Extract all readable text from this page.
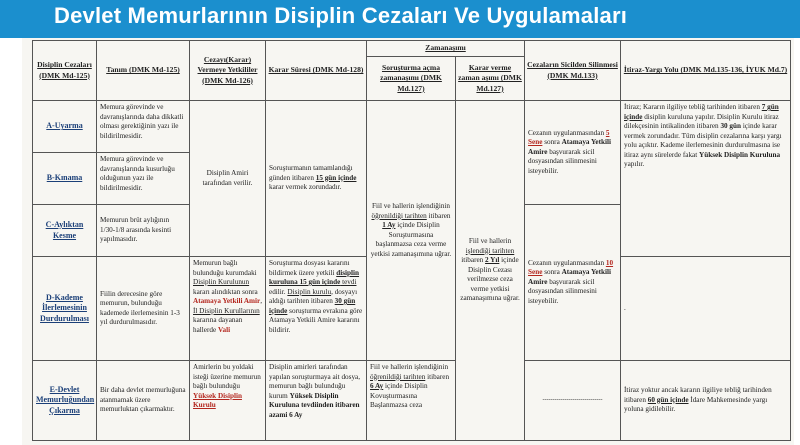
Devlet Memurlarının Disiplin Cezaları Ve Uygulamaları
Disiplin Cezaları (DMK Md-125)	Tanım (DMK Md-125)	Cezayı(Karar) Vermeye Yetkililer (DMK Md-126)	Karar Süresi (DMK Md-128)	Zamanaşımı		Cezaların Sicilden Silinmesi (DMK Md.133)	İtiraz-Yargı Yolu (DMK Md.135-136, İYUK Md.7)
				Soruşturma açma zamanaşımı (DMK Md.127)	Karar verme zaman aşımı (DMK Md.127)		
A-Uyarma	Memura görevinde ve davranışlarında daha dikkatli olması gerektiğinin yazı ile bildirilmesidir.	Disiplin Amiri tarafından verilir.	Soruşturmanın tamamlandığı günden itibaren 15 gün içinde karar vermek zorundadır.	Fiil ve hallerin işlendiğinin öğrenildiği tarihten itibaren 1 Ay içinde Disiplin Soruşturmasına başlanmazsa ceza verme yetkisi zamanaşımına uğrar.	Fiil ve hallerin işlendiği tarihten itibaren 2 Yıl içinde Disiplin Cezası verilmezse ceza verme yetkisi zamanaşımına uğrar.	Cezanın uygulanmasından 5 Sene sonra Atamaya Yetkili Amire başvurarak sicil dosyasından silinmesini isteyebilir.	İtiraz; Kararın ilgiliye tebliğ tarihinden itibaren 7 gün içinde disiplin kuruluna yapılır. Disiplin Kurulu itiraz dilekçesinin intikalinden itibaren 30 gün içinde karar vermek zorundadır. Tüm disiplin cezalarına karşı yargı yolu açıktır. Kademe ilerlemesinin durdurulmasına ise itiraz aynı sürelerde fakat Yüksek Disiplin Kuruluna yapılır.
B-Kınama	Memura görevinde ve davranışlarında kusurluğu olduğunun yazı ile bildirilmesidir.						
C-Aylıktan Kesme	Memurun brüt aylığının 1/30-1/8 arasında kesinti yapılmasıdır.					Cezanın uygulanmasından 10 Sene sonra Atamaya Yetkili Amire başvurarak sicil dosyasından silinmesini isteyebilir.	
D-Kademe İlerlemesinin Durdurulması	Fiilin derecesine göre memurun, bulunduğu kademede ilerlemesinin 1-3 yıl durdurulmasıdır.	Memurun bağlı bulunduğu kurumdaki Disiplin Kurulunun kararı alındıktan sonra Atamaya Yetkili Amir, İl Disiplin Kurullarının kararına dayanan hallerde Vali	Soruşturma dosyası kararını bildirmek üzere yetkili disiplin kuruluna 15 gün içinde tevdi edilir. Disiplin kurulu, dosyayı aldığı tarihten itibaren 30 gün içinde soruşturma evrakına göre Atamaya Yetkili Amire kararını bildirir.				.
E-Devlet Memurluğundan Çıkarma	Bir daha devlet memurluğuna atanmamak üzere memurluktan çıkarmaktır.	Amirlerin bu yoldaki isteği üzerine memurun bağlı bulunduğu Yüksek Disiplin Kurulu	Disiplin amirleri tarafından yapılan soruşturmaya ait dosya, memurun bağlı bulunduğu kurum Yüksek Disiplin Kuruluna tevdiinden itibaren azami 6 Ay	Fiil ve hallerin işlendiğinin öğrenildiği tarihten itibaren 6 Ay içinde Disiplin Kovuşturmasına Başlanmazsa ceza		------------------------------	İtiraz yoktur ancak kararın ilgiliye tebliğ tarihinden itibaren 60 gün içinde İdare Mahkemesinde yargı yoluna gidilebilir.
